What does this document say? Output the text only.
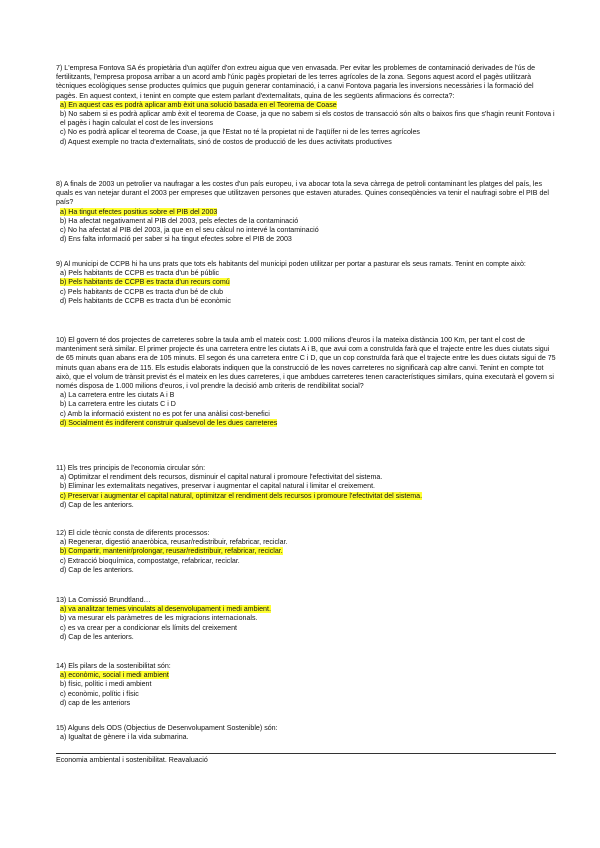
7) L'empresa Fontova SA és propietària d'un aqüífer d'on extreu aigua que ven envasada. Per evitar les problemes de contaminació derivades de l'ús de fertilitzants, l'empresa proposa arribar a un acord amb l'únic pagès propietari de les terres agrícoles de la zona. Segons aquest acord el pagès utilitzarà tècniques ecològiques sense productes químics que puguin generar contaminació, i a canvi Fontova pagaria les inversions necessàries i la formació del pagès. En aquest context, i tenint en compte que estem parlant d'externalitats, quina de les següents afirmacions és correcta?:

a) En aquest cas es podrà aplicar amb èxit una solució basada en el Teorema de Coase
b) No sabem si es podrà aplicar amb èxit el teorema de Coase, ja que no sabem si els costos de transacció són alts o baixos fins que s'hagin reunit Fontova i el pagès i hagin calculat el cost de les inversions
c) No es podrà aplicar el teorema de Coase, ja que l'Estat no té la propietat ni de l'aqüífer ni de les terres agrícoles
d) Aquest exemple no tracta d'externalitats, sinó de costos de producció de les dues activitats productives

8) A finals de 2003 un petrolier va naufragar a les costes d'un país europeu, i va abocar tota la seva càrrega de petroli contaminant les platges del país, les quals es van netejar durant el 2003 per empreses que utilitzaven persones que estaven aturades. Quines conseqüències va tenir el naufragi sobre el PIB del país?

a) Ha tingut efectes positius sobre el PIB del 2003
b) Ha afectat negativament al PIB del 2003, pels efectes de la contaminació
c) No ha afectat al PIB del 2003, ja que en el seu càlcul no intervé la contaminació
d) Ens falta informació per saber si ha tingut efectes sobre el PIB de 2003

9) Al municipi de CCPB hi ha uns prats que tots els habitants del municipi poden utilitzar per portar a pasturar els seus ramats. Tenint en compte això:

a) Pels habitants de CCPB es tracta d'un bé públic
b) Pels habitants de CCPB es tracta d'un recurs comú
c) Pels habitants de CCPB es tracta d'un bé de club
d) Pels habitants de CCPB es tracta d'un bé econòmic

10) El govern té dos projectes de carreteres sobre la taula amb el mateix cost: 1.000 milions d'euros i la mateixa distància 100 Km, per tant el cost de manteniment serà similar. El primer projecte és una carretera entre les ciutats A i B, que avui com a construïda farà que el trajecte entre les dues ciutats sigui de 65 minuts quan abans era de 105 minuts. El segon és una carretera entre C i D, que un cop construïda farà que el trajecte entre les dues ciutats sigui de 75 minuts quan abans era de 115. Els estudis elaborats indiquen que la construcció de les noves carreteres no significarà cap altre canvi. Tenint en compte tot això, que el volum de trànsit previst és el mateix en les dues carreteres, i que ambdues carreteres tenen característiques similars, quina executarà el govern si només disposa de 1.000 milions d'euros, i vol prendre la decisió amb criteris de rendibilitat social?

a) La carretera entre les ciutats A i B
b) La carretera entre les ciutats C i D
c) Amb la informació existent no es pot fer una anàlisi cost-benefici
d) Socialment és indiferent construir qualsevol de les dues carreteres

11) Els tres principis de l'economia circular són:

a) Optimitzar el rendiment dels recursos, disminuir el capital natural i promoure l'efectivitat del sistema.
b) Eliminar les externalitats negatives, preservar i augmentar el capital natural i limitar el creixement.
c) Preservar i augmentar el capital natural, optimitzar el rendiment dels recursos i promoure l'efectivitat del sistema.
d) Cap de les anteriors.

12) El cicle tècnic consta de diferents processos:

a) Regenerar, digestió anaeròbica, reusar/redistribuir, refabricar, reciclar.
b) Compartir, mantenir/prolongar, reusar/redistribuir, refabricar, reciclar.
c) Extracció bioquímica, compostatge, refabricar, reciclar.
d) Cap de les anteriors.

13) La Comissió Brundtland…

a) va analitzar temes vinculats al desenvolupament i medi ambient.
b) va mesurar els paràmetres de les migracions internacionals.
c) es va crear per a condicionar els límits del creixement
d) Cap de les anteriors.

14) Els pilars de la sostenibilitat són:

a) econòmic, social i medi ambient
b) físic, polític i medi ambient
c) econòmic, polític i físic
d) cap de les anteriors

15) Alguns dels ODS (Objectius de Desenvolupament Sostenible) són:

a) Igualtat de gènere i la vida submarina.
Economia ambiental i sostenibilitat. Reavaluació
